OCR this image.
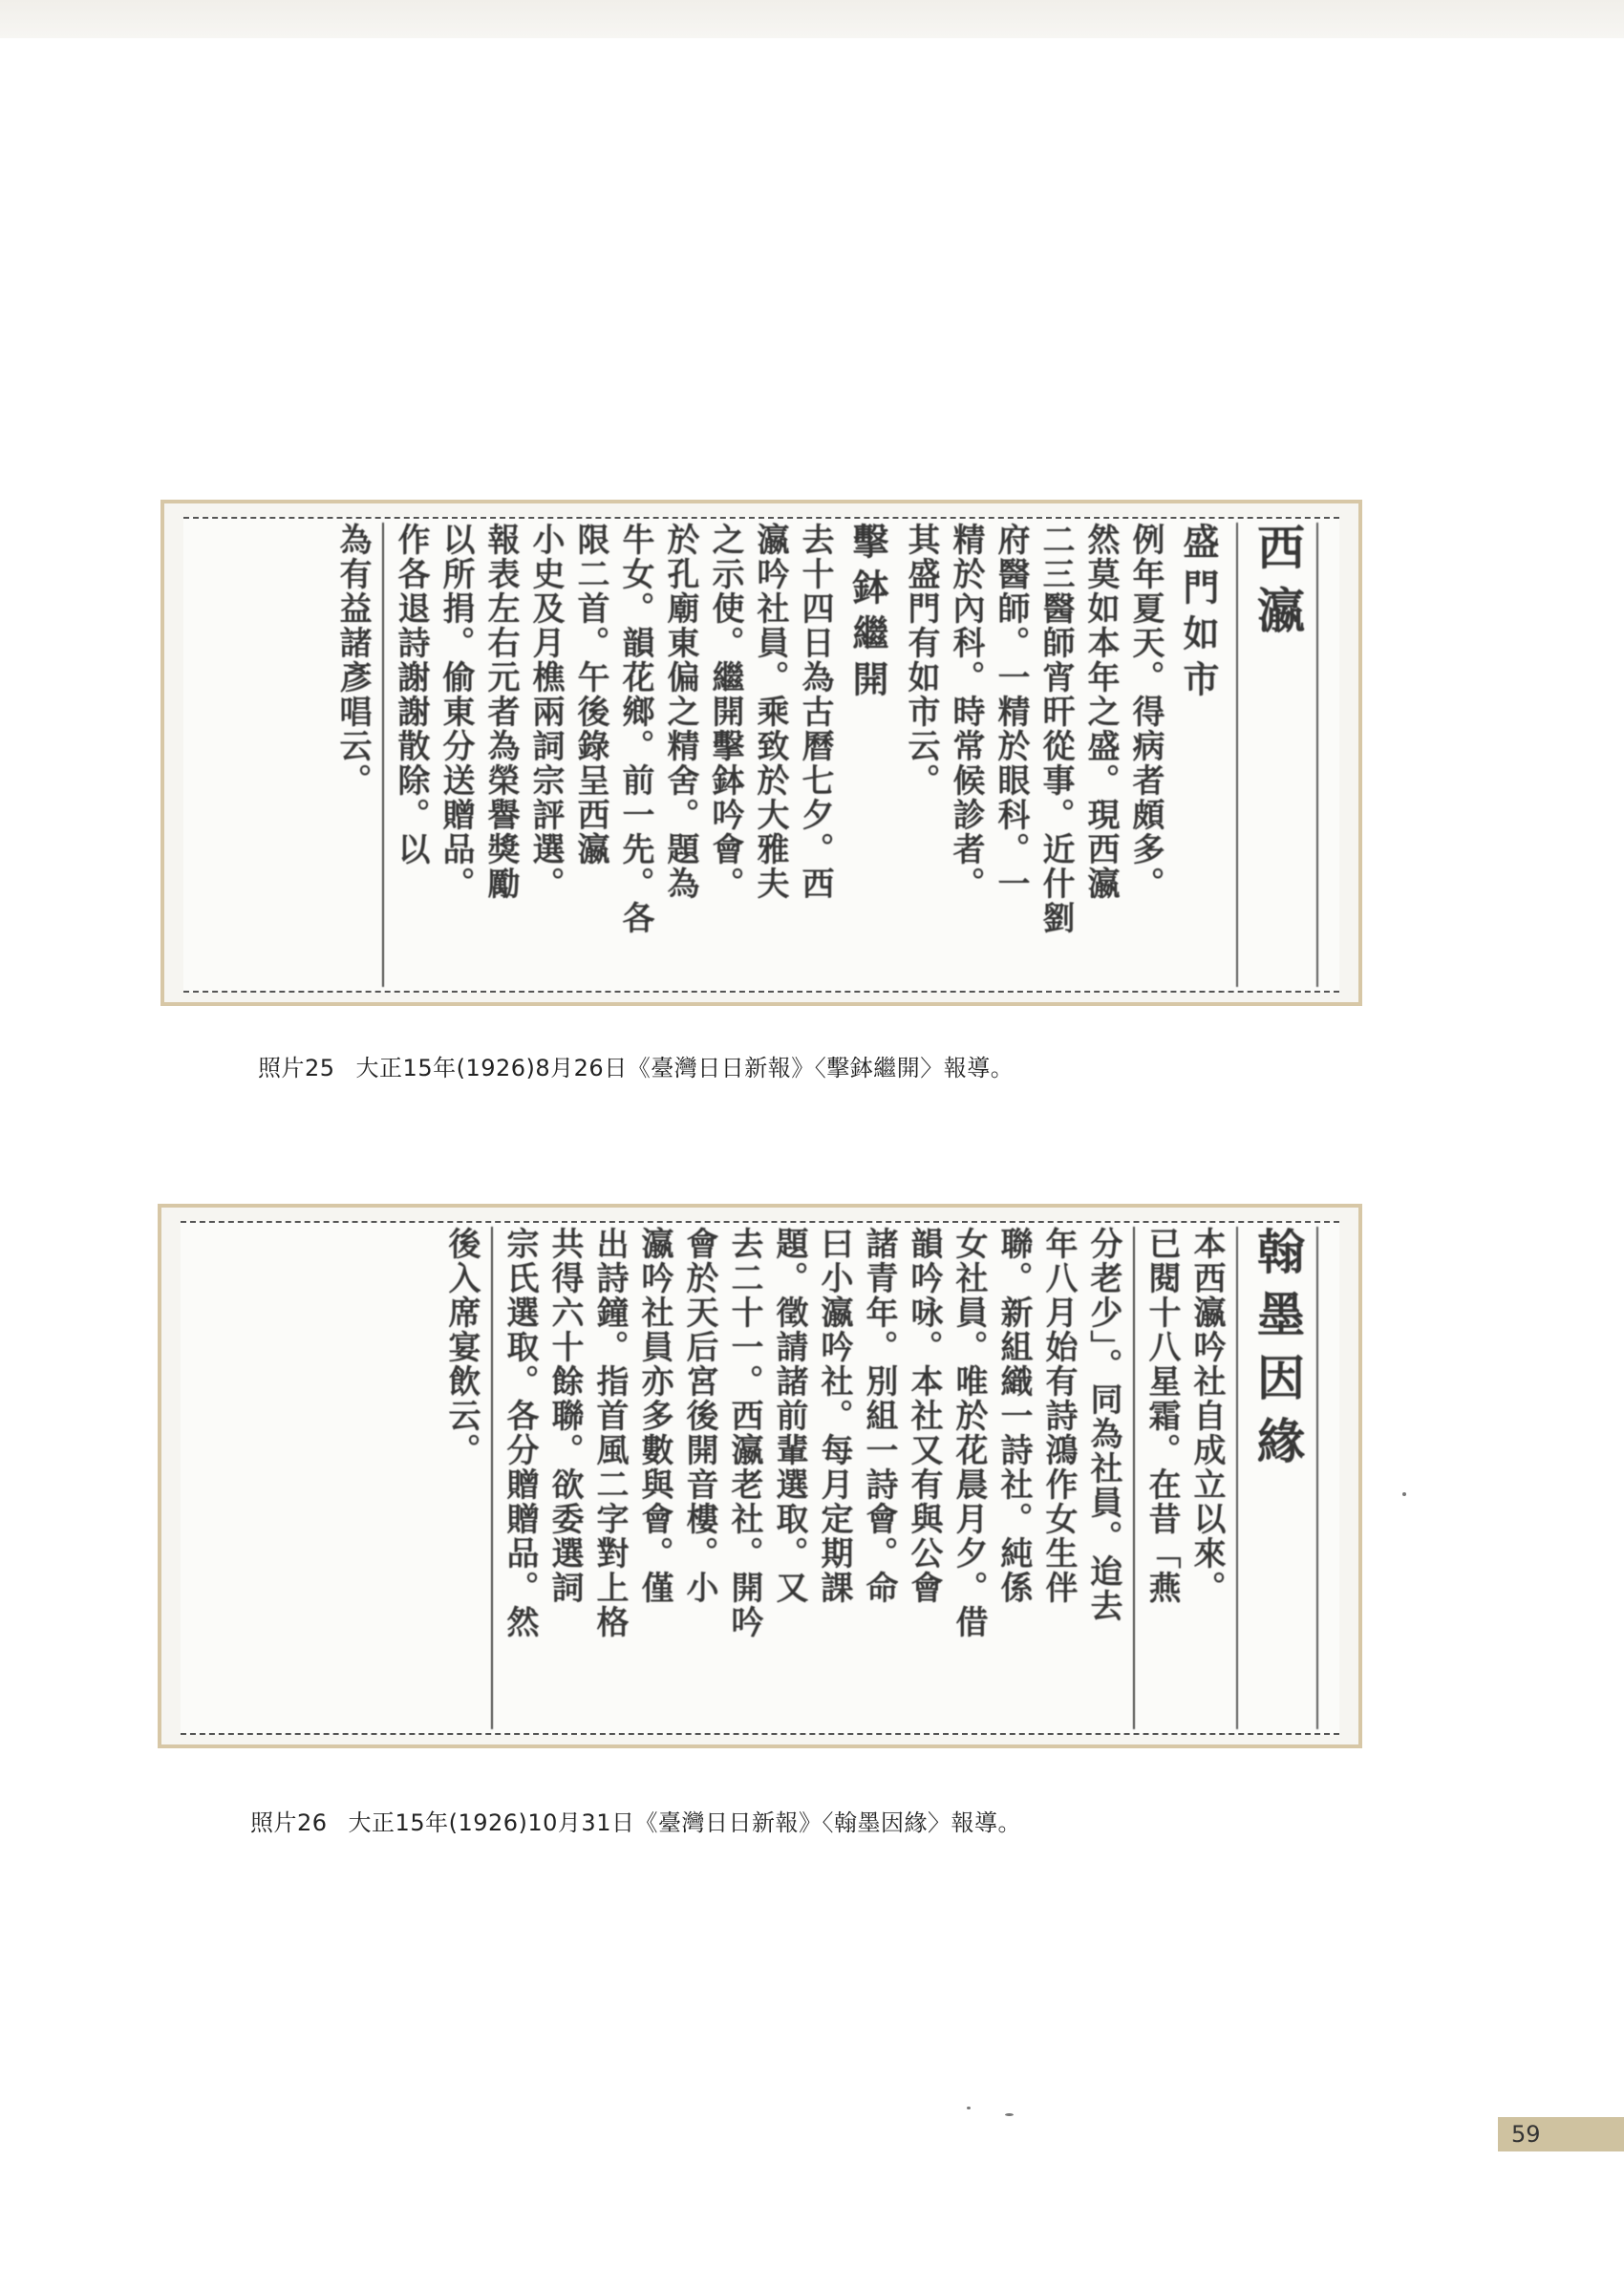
西瀛
盛門如市
例年夏天。得病者頗多。
然莫如本年之盛。現西瀛
二三醫師宵旰從事。近什劉
府醫師。一精於眼科。一
精於內科。時常候診者。
其盛門有如市云。
擊鉢繼開
去十四日為古曆七夕。西
瀛吟社員。乘致於大雅夫
之示使。繼開擊鉢吟會。
於孔廟東偏之精舍。題為
牛女。韻花鄉。前一先。各
限二首。午後錄呈西瀛
小史及月樵兩詞宗評選。
報表左右元者為榮譽獎勵
以所捐。偷東分送贈品。
作各退詩謝謝散除。以
為有益諸彥唱云。
照片25 大正15年(1926)8月26日《臺灣日日新報》〈擊鉢繼開〉報導。
翰墨因緣
本西瀛吟社自成立以來。
已閱十八星霜。在昔「燕
分老少」。同為社員。迨去
年八月始有詩鴻作女生伴
聯。新組織一詩社。純係
女社員。唯於花晨月夕。借
韻吟咏。本社又有與公會
諸青年。別組一詩會。命
曰小瀛吟社。每月定期課
題。徵請諸前輩選取。又
去二十一。西瀛老社。開吟
會於天后宮後開音樓。小
瀛吟社員亦多數與會。僅
出詩鐘。指首風二字對上格
共得六十餘聯。欲委選詞
宗氏選取。各分贈贈品。然
後入席宴飲云。
照片26 大正15年(1926)10月31日《臺灣日日新報》〈翰墨因緣〉報導。
59
